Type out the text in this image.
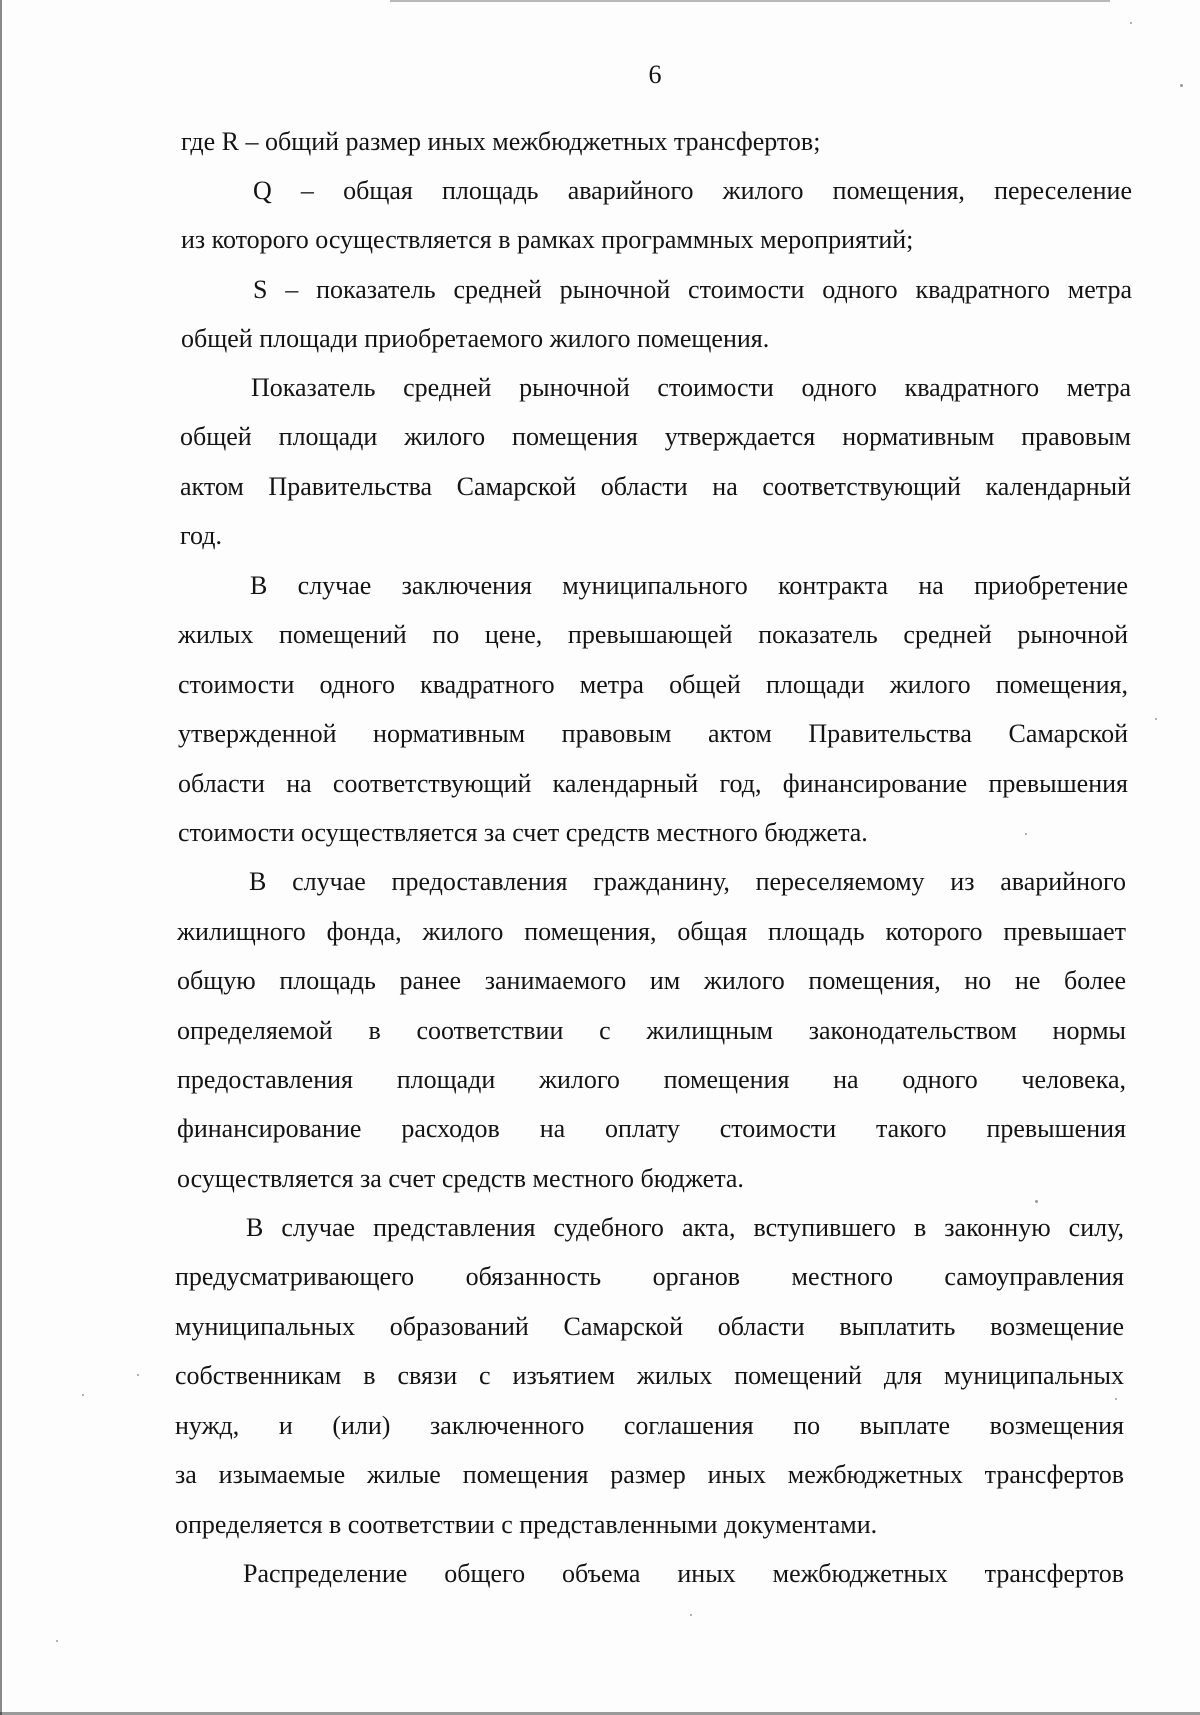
6
где R – общий размер иных межбюджетных трансфертов;
Q – общая площадь аварийного жилого помещения, переселение
из которого осуществляется в рамках программных мероприятий;
S – показатель средней рыночной стоимости одного квадратного метра
общей площади приобретаемого жилого помещения.
Показатель средней рыночной стоимости одного квадратного метра
общей площади жилого помещения утверждается нормативным правовым
актом Правительства Самарской области на соответствующий календарный
год.
В случае заключения муниципального контракта на приобретение
жилых помещений по цене, превышающей показатель средней рыночной
стоимости одного квадратного метра общей площади жилого помещения,
утвержденной нормативным правовым актом Правительства Самарской
области на соответствующий календарный год, финансирование превышения
стоимости осуществляется за счет средств местного бюджета.
В случае предоставления гражданину, переселяемому из аварийного
жилищного фонда, жилого помещения, общая площадь которого превышает
общую площадь ранее занимаемого им жилого помещения, но не более
определяемой в соответствии с жилищным законодательством нормы
предоставления площади жилого помещения на одного человека,
финансирование расходов на оплату стоимости такого превышения
осуществляется за счет средств местного бюджета.
В случае представления судебного акта, вступившего в законную силу,
предусматривающего обязанность органов местного самоуправления
муниципальных образований Самарской области выплатить возмещение
собственникам в связи с изъятием жилых помещений для муниципальных
нужд, и (или) заключенного соглашения по выплате возмещения
за изымаемые жилые помещения размер иных межбюджетных трансфертов
определяется в соответствии с представленными документами.
Распределение общего объема иных межбюджетных трансфертов
